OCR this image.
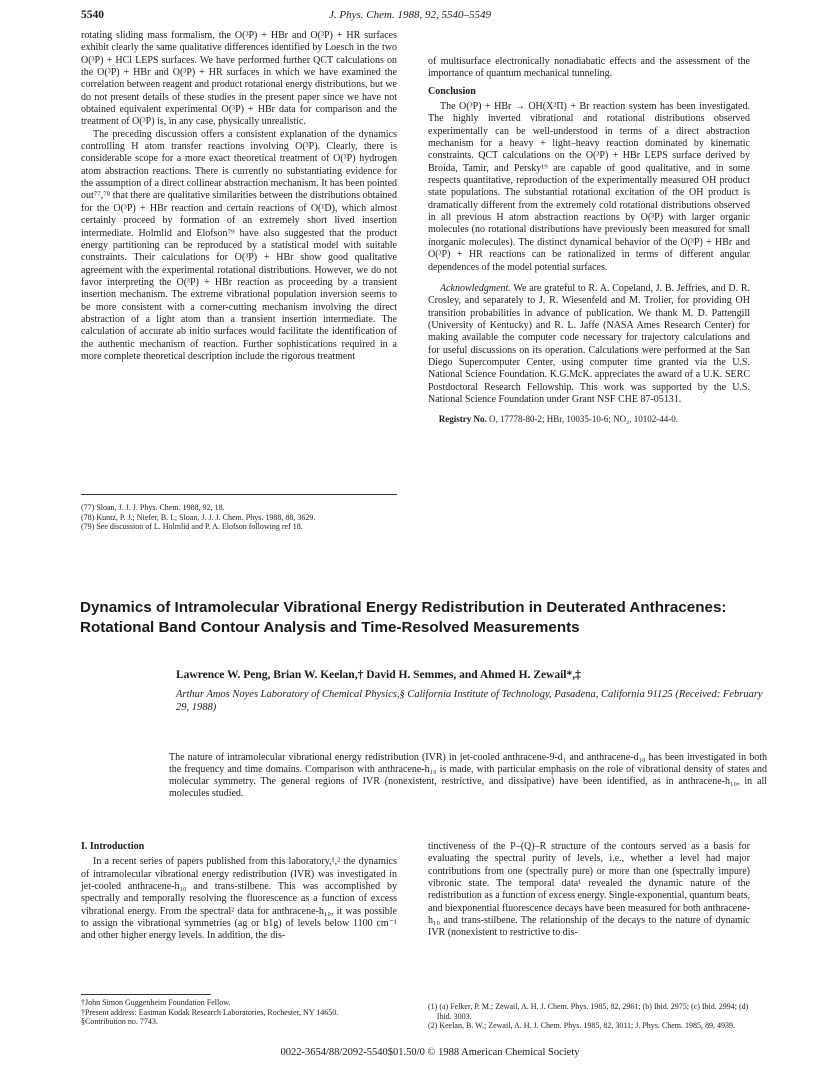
5540	J. Phys. Chem. 1988, 92, 5540–5549

rotating sliding mass formalism, the O(³P) + HBr and O(³P) + HR surfaces exhibit clearly the same qualitative differences identified by Loesch in the two O(³P) + HCl LEPS surfaces. We have performed further QCT calculations on the O(³P) + HBr and O(³P) + HR surfaces in which we have examined the correlation between reagent and product rotational energy distributions, but we do not present details of these studies in the present paper since we have not obtained equivalent experimental O(³P) + HBr data for comparison and the treatment of O(³P) is, in any case, physically unrealistic.

The preceding discussion offers a consistent explanation of the dynamics controlling H atom transfer reactions involving O(³P). Clearly, there is considerable scope for a more exact theoretical treatment of O(³P) hydrogen atom abstraction reactions. There is currently no substantiating evidence for the assumption of a direct collinear abstraction mechanism. It has been pointed out⁷⁷,⁷⁸ that there are qualitative similarities between the distributions obtained for the O(³P) + HBr reaction and certain reactions of O(¹D), which almost certainly proceed by formation of an extremely short lived insertion intermediate. Holmlid and Elofson⁷⁹ have also suggested that the product energy partitioning can be reproduced by a statistical model with suitable constraints. Their calculations for O(³P) + HBr show good qualitative agreement with the experimental rotational distributions. However, we do not favor interpreting the O(³P) + HBr reaction as proceeding by a transient insertion mechanism. The extreme vibrational population inversion seems to be more consistent with a corner-cutting mechanism involving the direct abstraction of a light atom than a transient insertion intermediate. The calculation of accurate ab initio surfaces would facilitate the identification of the authentic mechanism of reaction. Further sophistications required in a more complete theoretical description include the rigorous treatment

(77) Sloan, J. J. J. Phys. Chem. 1988, 92, 18.

(78) Kuntz, P. J.; Niefer, B. I.; Sloan, J. J. J. Chem. Phys. 1988, 88, 3629.

(79) See discussion of L. Holmlid and P. A. Elofson following ref 18.

of multisurface electronically nonadiabatic effects and the assessment of the importance of quantum mechanical tunneling.

Conclusion

The O(³P) + HBr → OH(X²Π) + Br reaction system has been investigated. The highly inverted vibrational and rotational distributions observed experimentally can be well-understood in terms of a direct abstraction mechanism for a heavy + light–heavy reaction dominated by kinematic constraints. QCT calculations on the O(³P) + HBr LEPS surface derived by Broida, Tamir, and Persky¹⁹ are capable of good qualitative, and in some respects quantitative, reproduction of the experimentally measured OH product state populations. The substantial rotational excitation of the OH product is dramatically different from the extremely cold rotational distributions observed in all previous H atom abstraction reactions by O(³P) with larger organic molecules (no rotational distributions have previously been measured for small inorganic molecules). The distinct dynamical behavior of the O(³P) + HBr and O(³P) + HR reactions can be rationalized in terms of different angular dependences of the model potential surfaces.

Acknowledgment. We are grateful to R. A. Copeland, J. B. Jeffries, and D. R. Crosley, and separately to J. R. Wiesenfeld and M. Trolier, for providing OH transition probabilities in advance of publication. We thank M. D. Pattengill (University of Kentucky) and R. L. Jaffe (NASA Ames Research Center) for making available the computer code necessary for trajectory calculations and for useful discussions on its operation. Calculations were performed at the San Diego Supercomputer Center, using computer time granted via the U.S. National Science Foundation. K.G.McK. appreciates the award of a U.K. SERC Postdoctoral Research Fellowship. This work was supported by the U.S. National Science Foundation under Grant NSF CHE 87-05131.

Registry No. O, 17778-80-2; HBr, 10035-10-6; NO₂, 10102-44-0.

Dynamics of Intramolecular Vibrational Energy Redistribution in Deuterated Anthracenes: Rotational Band Contour Analysis and Time-Resolved Measurements
Lawrence W. Peng, Brian W. Keelan,† David H. Semmes, and Ahmed H. Zewail*,‡
Arthur Amos Noyes Laboratory of Chemical Physics,§ California Institute of Technology, Pasadena, California 91125 (Received: February 29, 1988)
The nature of intramolecular vibrational energy redistribution (IVR) in jet-cooled anthracene-9-d₁ and anthracene-d₁₀ has been investigated in both the frequency and time domains. Comparison with anthracene-h₁₀ is made, with particular emphasis on the role of vibrational density of states and molecular symmetry. The general regions of IVR (nonexistent, restrictive, and dissipative) have been identified, as in anthracene-h₁₀, in all molecules studied.
I. Introduction

In a recent series of papers published from this laboratory,¹,² the dynamics of intramolecular vibrational energy redistribution (IVR) was investigated in jet-cooled anthracene-h₁₀ and trans-stilbene. This was accomplished by spectrally and temporally resolving the fluorescence as a function of excess vibrational energy. From the spectral² data for anthracene-h₁₀, it was possible to assign the vibrational symmetries (ag or b1g) of levels below 1100 cm⁻¹ and other higher energy levels. In addition, the dis-

tinctiveness of the P–(Q)–R structure of the contours served as a basis for evaluating the spectral purity of levels, i.e., whether a level had major contributions from one (spectrally pure) or more than one (spectrally impure) vibronic state. The temporal data¹ revealed the dynamic nature of the redistribution as a function of excess energy. Single-exponential, quantum beats, and biexponential fluorescence decays have been measured for both anthracene-h₁₀ and trans-stilbene. The relationship of the decays to the nature of dynamic IVR (nonexistent to restrictive to dis-

†John Simon Guggenheim Foundation Fellow.

†Present address: Eastman Kodak Research Laboratories, Rochester, NY 14650.

§Contribution no. 7743.

(1) (a) Felker, P. M.; Zewail, A. H. J. Chem. Phys. 1985, 82, 2961; (b) Ibid. 2975; (c) Ibid. 2994; (d) Ibid. 3003.

(2) Keelan, B. W.; Zewail, A. H. J. Chem. Phys. 1985, 82, 3011; J. Phys. Chem. 1985, 89, 4939.

0022-3654/88/2092-5540$01.50/0 © 1988 American Chemical Society
